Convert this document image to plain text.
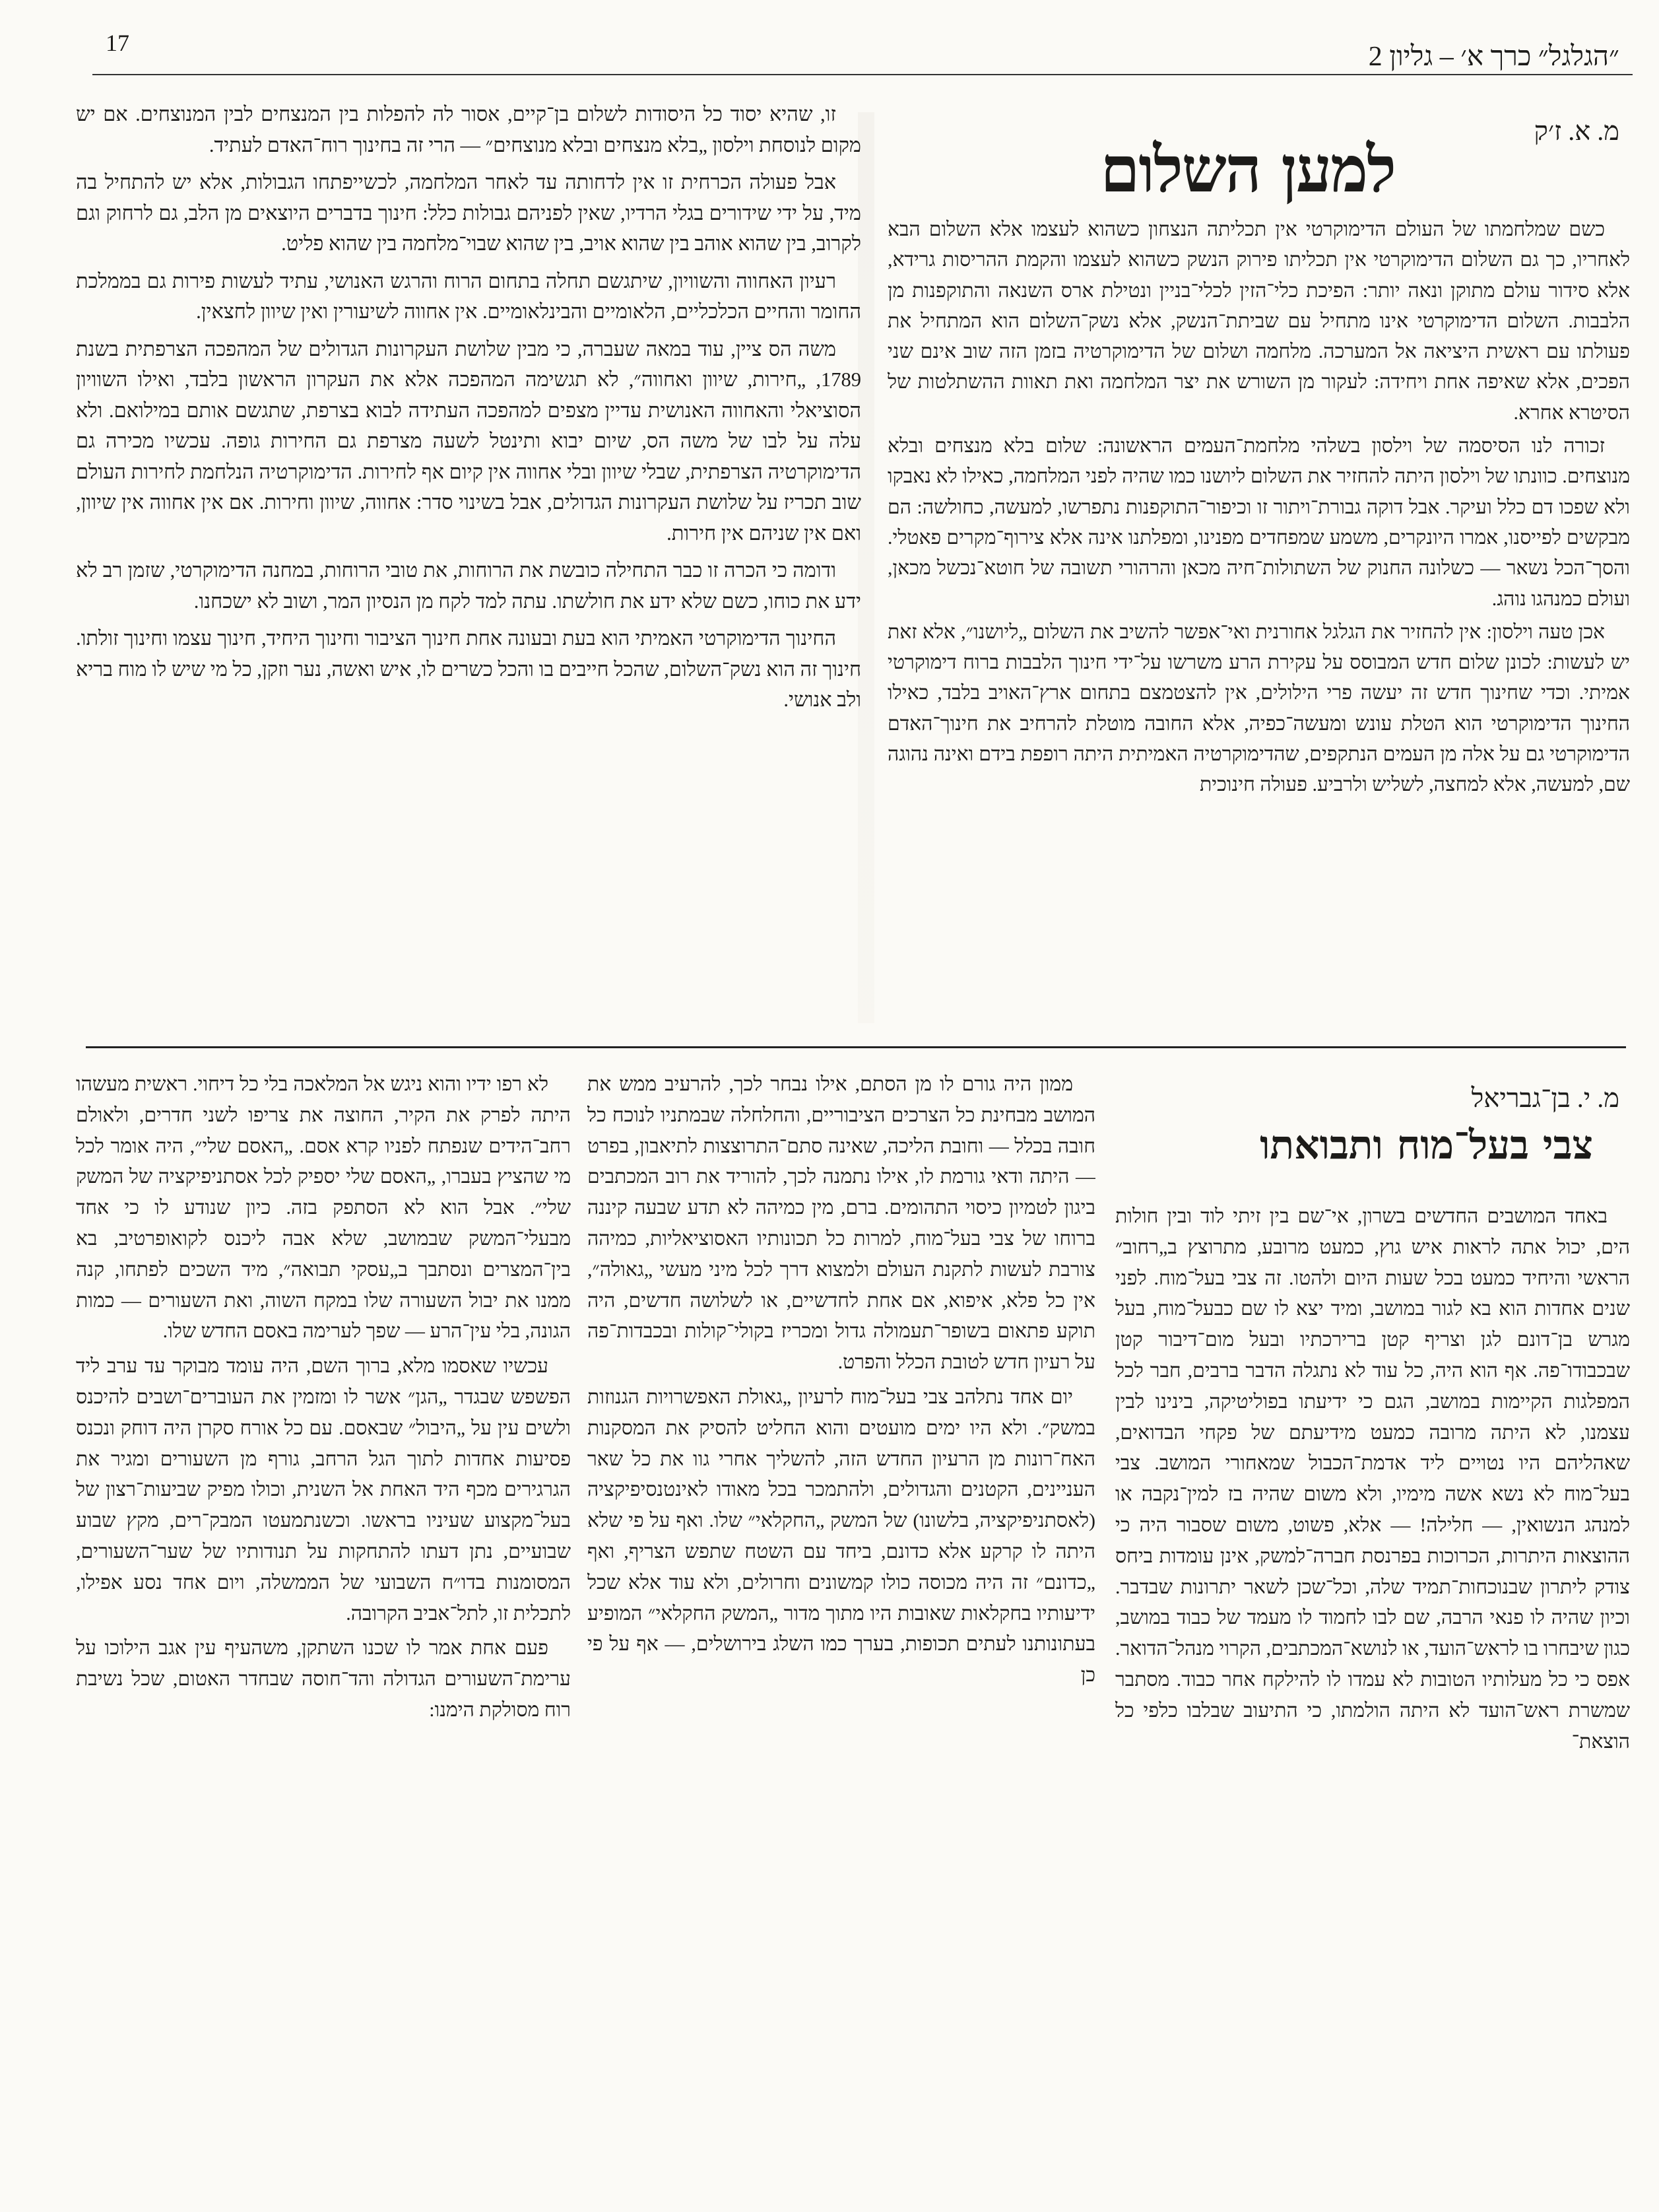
17	״הגלגל״ כרך א׳ – גליון 2
מ. א. ז׳ק
למען השלום

כשם שמלחמתו של העולם הדימוקרטי אין תכליתה הנצחון כשהוא לעצמו אלא השלום הבא לאחריו, כך גם השלום הדימוקרטי אין תכליתו פירוק הנשק כשהוא לעצמו והקמת ההריסות גרידא, אלא סידור עולם מתוקן ונאה יותר: הפיכת כלי־הזין לכלי־בניין ונטילת ארס השנאה והתוקפנות מן הלבבות. השלום הדימוקרטי אינו מתחיל עם שביתת־הנשק, אלא נשק־השלום הוא המתחיל את פעולתו עם ראשית היציאה אל המערכה. מלחמה ושלום של הדימוקרטיה בזמן הזה שוב אינם שני הפכים, אלא שאיפה אחת ויחידה: לעקור מן השורש את יצר המלחמה ואת תאוות ההשתלטות של הסיטרא אחרא.

זכורה לנו הסיסמה של וילסון בשלהי מלחמת־העמים הראשונה: שלום בלא מנצחים ובלא מנוצחים. כוונתו של וילסון היתה להחזיר את השלום ליושנו כמו שהיה לפני המלחמה, כאילו לא נאבקו ולא שפכו דם כלל ועיקר. אבל דוקה גבורת־ויתור זו וכיפור־התוקפנות נתפרשו, למעשה, כחולשה: הם מבקשים לפייסנו, אמרו היונקרים, משמע שמפחדים מפנינו, ומפלתנו אינה אלא צירוף־מקרים פאטלי. והסך־הכל נשאר — כשלונה החנוק של השתולות־חיה מכאן והרהורי תשובה של חוטא־נכשל מכאן, ועולם כמנהגו נוהג.

אכן טעה וילסון: אין להחזיר את הגלגל אחורנית ואי־אפשר להשיב את השלום „ליושנו״, אלא זאת יש לעשות: לכונן שלום חדש המבוסס על עקירת הרע משרשו על־ידי חינוך הלבבות ברוח דימוקרטי אמיתי. וכדי שחינוך חדש זה יעשה פרי הילולים, אין להצטמצם בתחום ארץ־האויב בלבד, כאילו החינוך הדימוקרטי הוא הטלת עונש ומעשה־כפיה, אלא החובה מוטלת להרחיב את חינוך־האדם הדימוקרטי גם על אלה מן העמים הנתקפים, שהדימוקרטיה האמיתית היתה רופפת בידם ואינה נהוגה שם, למעשה, אלא למחצה, לשליש ולרביע. פעולה חינוכית

זו, שהיא יסוד כל היסודות לשלום בן־קיים, אסור לה להפלות בין המנצחים לבין המנוצחים. אם יש מקום לנוסחת וילסון „בלא מנצחים ובלא מנוצחים״ — הרי זה בחינוך רוח־האדם לעתיד.

אבל פעולה הכרחית זו אין לדחותה עד לאחר המלחמה, לכשייפתחו הגבולות, אלא יש להתחיל בה מיד, על ידי שידורים בגלי הרדיו, שאין לפניהם גבולות כלל: חינוך בדברים היוצאים מן הלב, גם לרחוק וגם לקרוב, בין שהוא אוהב בין שהוא אויב, בין שהוא שבוי־מלחמה בין שהוא פליט.

רעיון האחווה והשוויון, שיתגשם תחלה בתחום הרוח והרגש האנושי, עתיד לעשות פירות גם בממלכת החומר והחיים הכלכליים, הלאומיים והבינלאומיים. אין אחווה לשיעורין ואין שיוון לחצאין.

משה הס ציין, עוד במאה שעברה, כי מבין שלושת העקרונות הגדולים של המהפכה הצרפתית בשנת 1789, „חירות, שיוון ואחווה״, לא תגשימה המהפכה אלא את העקרון הראשון בלבד, ואילו השוויון הסוציאלי והאחווה האנושית עדיין מצפים למהפכה העתידה לבוא בצרפת, שתגשם אותם במילואם. ולא עלה על לבו של משה הס, שיום יבוא ותינטל לשעה מצרפת גם החירות גופה. עכשיו מכירה גם הדימוקרטיה הצרפתית, שבלי שיוון ובלי אחווה אין קיום אף לחירות. הדימוקרטיה הנלחמת לחירות העולם שוב תכריז על שלושת העקרונות הגדולים, אבל בשינוי סדר: אחווה, שיוון וחירות. אם אין אחווה אין שיוון, ואם אין שניהם אין חירות.

ודומה כי הכרה זו כבר התחילה כובשת את הרוחות, את טובי הרוחות, במחנה הדימוקרטי, שזמן רב לא ידע את כוחו, כשם שלא ידע את חולשתו. עתה למד לקח מן הנסיון המר, ושוב לא ישכחנו.

החינוך הדימוקרטי האמיתי הוא בעת ובעונה אחת חינוך הציבור וחינוך היחיד, חינוך עצמו וחינוך זולתו. חינוך זה הוא נשק־השלום, שהכל חייבים בו והכל כשרים לו, איש ואשה, נער וזקן, כל מי שיש לו מוח בריא ולב אנושי.

מ. י. בן־גבריאל
צבי בעל־מוח ותבואתו

באחד המושבים החדשים בשרון, אי־שם בין זיתי לוד ובין חולות הים, יכול אתה לראות איש גוץ, כמעט מרובע, מתרוצץ ב„רחוב״ הראשי והיחיד כמעט בכל שעות היום ולהטו. זה צבי בעל־מוח. לפני שנים אחדות הוא בא לגור במושב, ומיד יצא לו שם כבעל־מוח, בעל מגרש בן־דונם לגן וצריף קטן ברירכתיו ובעל מום־דיבור קטן שבכבודו־פה. אף הוא היה, כל עוד לא נתגלה הדבר ברבים, חבר לכל המפלגות הקיימות במושב, הגם כי ידיעתו בפוליטיקה, בינינו לבין עצמנו, לא היתה מרובה כמעט מידיעתם של פקחי הבדואים, שאהליהם היו נטויים ליד אדמת־הכבול שמאחורי המושב. צבי בעל־מוח לא נשא אשה מימיו, ולא משום שהיה בז למין־נקבה או למנהג הנשואין, — חלילה! — אלא, פשוט, משום שסבור היה כי ההוצאות היתרות, הכרוכות בפרנסת חברה־למשק, אינן עומדות ביחס צודק ליתרון שבנוכחות־תמיד שלה, וכל־שכן לשאר יתרונות שבדבר. וכיון שהיה לו פנאי הרבה, שם לבו לחמוד לו מעמד של כבוד במושב, כגון שיבחרו בו לראש־הועד, או לנושא־המכתבים, הקרוי מנהל־הדואר. אפס כי כל מעלותיו הטובות לא עמדו לו להילקח אחר כבוד. מסתבר שמשרת ראש־הועד לא היתה הולמתו, כי התיעוב שבלבו כלפי כל הוצאת־

ממון היה גורם לו מן הסתם, אילו נבחר לכך, להרעיב ממש את המושב מבחינת כל הצרכים הציבוריים, והחלחלה שבמתניו לנוכח כל חובה בכלל — וחובת הליכה, שאינה סתם־התרוצצות לתיאבון, בפרט — היתה ודאי גורמת לו, אילו נתמנה לכך, להוריד את רוב המכתבים ביגון לטמיון כיסוי התהומים. ברם, מין כמיהה לא תדע שבעה קיננה ברוחו של צבי בעל־מוח, למרות כל תכונותיו האסוציאליות, כמיהה צורבת לעשות לתקנת העולם ולמצוא דרך לכל מיני מעשי „גאולה״, אין כל פלא, איפוא, אם אחת לחדשיים, או לשלושה חדשים, היה תוקע פתאום בשופר־תעמולה גדול ומכריז בקולי־קולות ובכבדות־פה על רעיון חדש לטובת הכלל והפרט.

יום אחד נתלהב צבי בעל־מוח לרעיון „גאולת האפשרויות הגנוזות במשק״. ולא היו ימים מועטים והוא החליט להסיק את המסקנות האח־רונות מן הרעיון החדש הזה, להשליך אחרי גוו את כל שאר העניינים, הקטנים והגדולים, ולהתמכר בכל מאודו לאינטנסיפיקציה (לאסתניפיקציה, בלשונו) של המשק „החקלאי״ שלו. ואף על פי שלא היתה לו קרקע אלא כדונם, ביחד עם השטח שתפש הצריף, ואף „כדונם״ זה היה מכוסה כולו קמשונים וחרולים, ולא עוד אלא שכל ידיעותיו בחקלאות שאובות היו מתוך מדור „המשק החקלאי״ המופיע בעתונותנו לעתים תכופות, בערך כמו השלג בירושלים, — אף על פי כן

לא רפו ידיו והוא ניגש אל המלאכה בלי כל דיחוי. ראשית מעשהו היתה לפרק את הקיר, החוצה את צריפו לשני חדרים, ולאולם רחב־הידים שנפתח לפניו קרא אסם. „האסם שלי״, היה אומר לכל מי שהציץ בעברו, „האסם שלי יספיק לכל אסתניפיקציה של המשק שלי״. אבל הוא לא הסתפק בזה. כיון שנודע לו כי אחד מבעלי־המשק שבמושב, שלא אבה ליכנס לקואופרטיב, בא בין־המצרים ונסתבך ב„עסקי תבואה״, מיד השכים לפתחו, קנה ממנו את יבול השעורה שלו במקח השוה, ואת השעורים — כמות הגונה, בלי עין־הרע — שפך לערימה באסם החדש שלו.

עכשיו שאסמו מלא, ברוך השם, היה עומד מבוקר עד ערב ליד הפשפש שבגדר „הגן״ אשר לו ומזמין את העוברים־ושבים להיכנס ולשים עין על „היבול״ שבאסם. עם כל אורח סקרן היה דוחק ונכנס פסיעות אחדות לתוך הגל הרחב, גורף מן השעורים ומגיר את הגרגירים מכף היד האחת אל השנית, וכולו מפיק שביעות־רצון של בעל־מקצוע שעיניו בראשו. וכשנתמעטו המבק־רים, מקץ שבוע שבועיים, נתן דעתו להתחקות על תנודותיו של שער־השעורים, המסומנות בדו״ח השבועי של הממשלה, ויום אחד נסע אפילו, לתכלית זו, לתל־אביב הקרובה.

פעם אחת אמר לו שכנו השתקן, משהעיף עין אגב הילוכו על ערימת־השעורים הגדולה והד־חוסה שבחדר האטום, שכל נשיבת רוח מסולקת הימנו:
